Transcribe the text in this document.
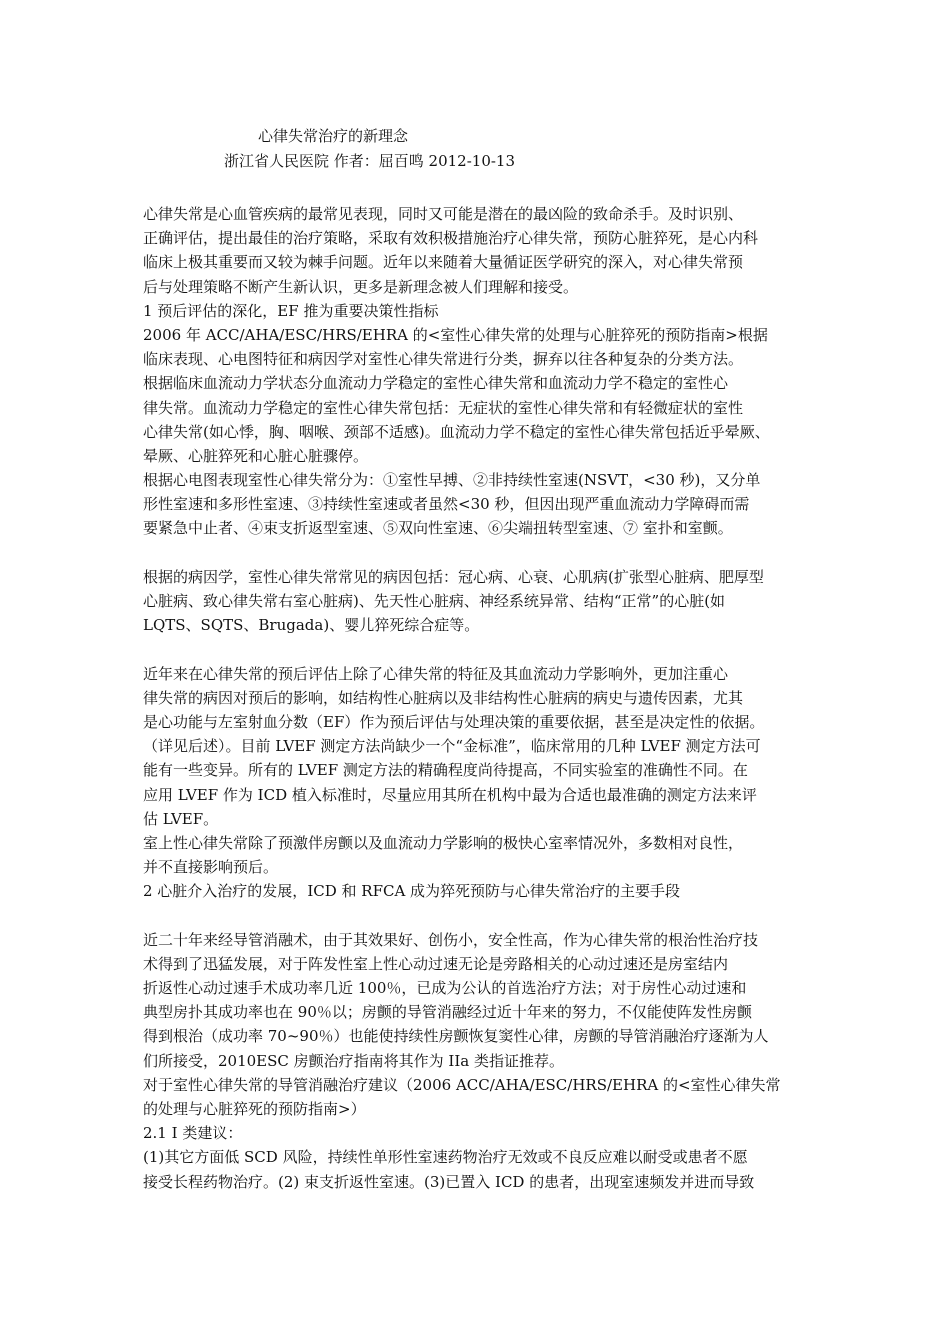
心律失常治疗的新理念
浙江省人民医院 作者：屈百鸣 2012-10-13
心律失常是心血管疾病的最常见表现，同时又可能是潜在的最凶险的致命杀手。及时识别、
正确评估，提出最佳的治疗策略，采取有效积极措施治疗心律失常，预防心脏猝死，是心内科
临床上极其重要而又较为棘手问题。近年以来随着大量循证医学研究的深入，对心律失常预
后与处理策略不断产生新认识，更多是新理念被人们理解和接受。
1 预后评估的深化，EF 推为重要决策性指标
2006 年 ACC/AHA/ESC/HRS/EHRA 的<室性心律失常的处理与心脏猝死的预防指南>根据
临床表现、心电图特征和病因学对室性心律失常进行分类，摒弃以往各种复杂的分类方法。
根据临床血流动力学状态分血流动力学稳定的室性心律失常和血流动力学不稳定的室性心
律失常。血流动力学稳定的室性心律失常包括：无症状的室性心律失常和有轻微症状的室性
心律失常(如心悸，胸、咽喉、颈部不适感)。血流动力学不稳定的室性心律失常包括近乎晕厥、
晕厥、心脏猝死和心脏心脏骤停。
根据心电图表现室性心律失常分为：①室性早搏、②非持续性室速(NSVT，<30 秒)，又分单
形性室速和多形性室速、③持续性室速或者虽然<30 秒，但因出现严重血流动力学障碍而需
要紧急中止者、④束支折返型室速、⑤双向性室速、⑥尖端扭转型室速、⑦ 室扑和室颤。
根据的病因学，室性心律失常常见的病因包括：冠心病、心衰、心肌病(扩张型心脏病、肥厚型
心脏病、致心律失常右室心脏病)、先天性心脏病、神经系统异常、结构“正常”的心脏(如
LQTS、SQTS、Brugada)、婴儿猝死综合症等。
近年来在心律失常的预后评估上除了心律失常的特征及其血流动力学影响外，更加注重心
律失常的病因对预后的影响，如结构性心脏病以及非结构性心脏病的病史与遗传因素，尤其
是心功能与左室射血分数（EF）作为预后评估与处理决策的重要依据，甚至是决定性的依据。
（详见后述）。目前 LVEF 测定方法尚缺少一个“金标准”，临床常用的几种 LVEF 测定方法可
能有一些变异。所有的 LVEF 测定方法的精确程度尚待提高，不同实验室的准确性不同。在
应用 LVEF 作为 ICD 植入标准时，尽量应用其所在机构中最为合适也最准确的测定方法来评
估 LVEF。
室上性心律失常除了预激伴房颤以及血流动力学影响的极快心室率情况外，多数相对良性，
并不直接影响预后。
2 心脏介入治疗的发展，ICD 和 RFCA 成为猝死预防与心律失常治疗的主要手段
近二十年来经导管消融术，由于其效果好、创伤小，安全性高，作为心律失常的根治性治疗技
术得到了迅猛发展，对于阵发性室上性心动过速无论是旁路相关的心动过速还是房室结内
折返性心动过速手术成功率几近 100％，已成为公认的首选治疗方法；对于房性心动过速和
典型房扑其成功率也在 90％以；房颤的导管消融经过近十年来的努力，不仅能使阵发性房颤
得到根治（成功率 70~90％）也能使持续性房颤恢复窦性心律，房颤的导管消融治疗逐渐为人
们所接受，2010ESC 房颤治疗指南将其作为 IIa 类指证推荐。
对于室性心律失常的导管消融治疗建议（2006 ACC/AHA/ESC/HRS/EHRA 的<室性心律失常
的处理与心脏猝死的预防指南>）
2.1 I 类建议：
(1)其它方面低 SCD 风险，持续性单形性室速药物治疗无效或不良反应难以耐受或患者不愿
接受长程药物治疗。(2) 束支折返性室速。(3)已置入 ICD 的患者，出现室速频发并进而导致
